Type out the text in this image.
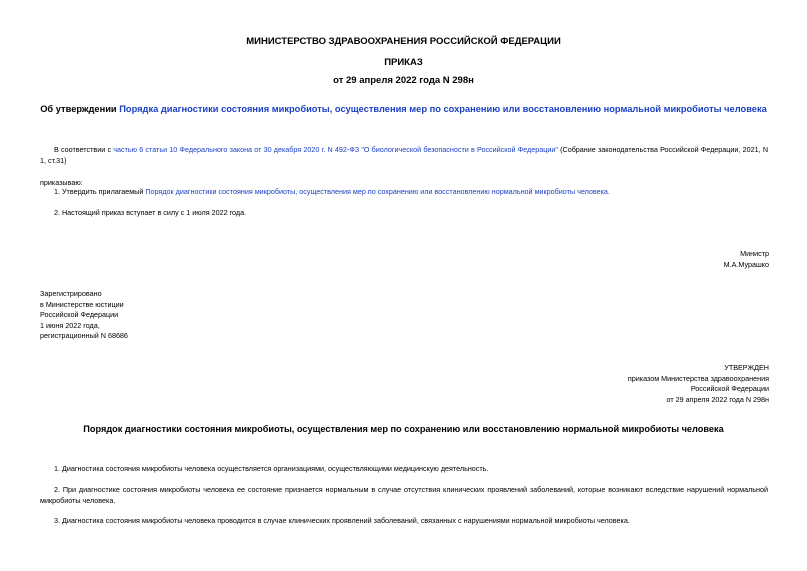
МИНИСТЕРСТВО ЗДРАВООХРАНЕНИЯ РОССИЙСКОЙ ФЕДЕРАЦИИ
ПРИКАЗ
от 29 апреля 2022 года N 298н
Об утверждении Порядка диагностики состояния микробиоты, осуществления мер по сохранению или восстановлению нормальной микробиоты человека
В соответствии с частью 6 статьи 10 Федерального закона от 30 декабря 2020 г. N 492-ФЗ "О биологической безопасности в Российской Федерации" (Собрание законодательства Российской Федерации, 2021, N 1, ст.31)
приказываю:
1. Утвердить прилагаемый Порядок диагностики состояния микробиоты, осуществления мер по сохранению или восстановлению нормальной микробиоты человека.
2. Настоящий приказ вступает в силу с 1 июля 2022 года.
Министр
М.А.Мурашко
Зарегистрировано
в Министерстве юстиции
Российской Федерации
1 июня 2022 года,
регистрационный N 68686
УТВЕРЖДЕН
приказом Министерства здравоохранения
Российской Федерации
от 29 апреля 2022 года N 298н
Порядок диагностики состояния микробиоты, осуществления мер по сохранению или восстановлению нормальной микробиоты человека
1. Диагностика состояния микробиоты человека осуществляется организациями, осуществляющими медицинскую деятельность.
2. При диагностике состояния микробиоты человека ее состояние признается нормальным в случае отсутствия клинических проявлений заболеваний, которые возникают вследствие нарушений нормальной микробиоты человека.
3. Диагностика состояния микробиоты человека проводится в случае клинических проявлений заболеваний, связанных с нарушениями нормальной микробиоты человека.
